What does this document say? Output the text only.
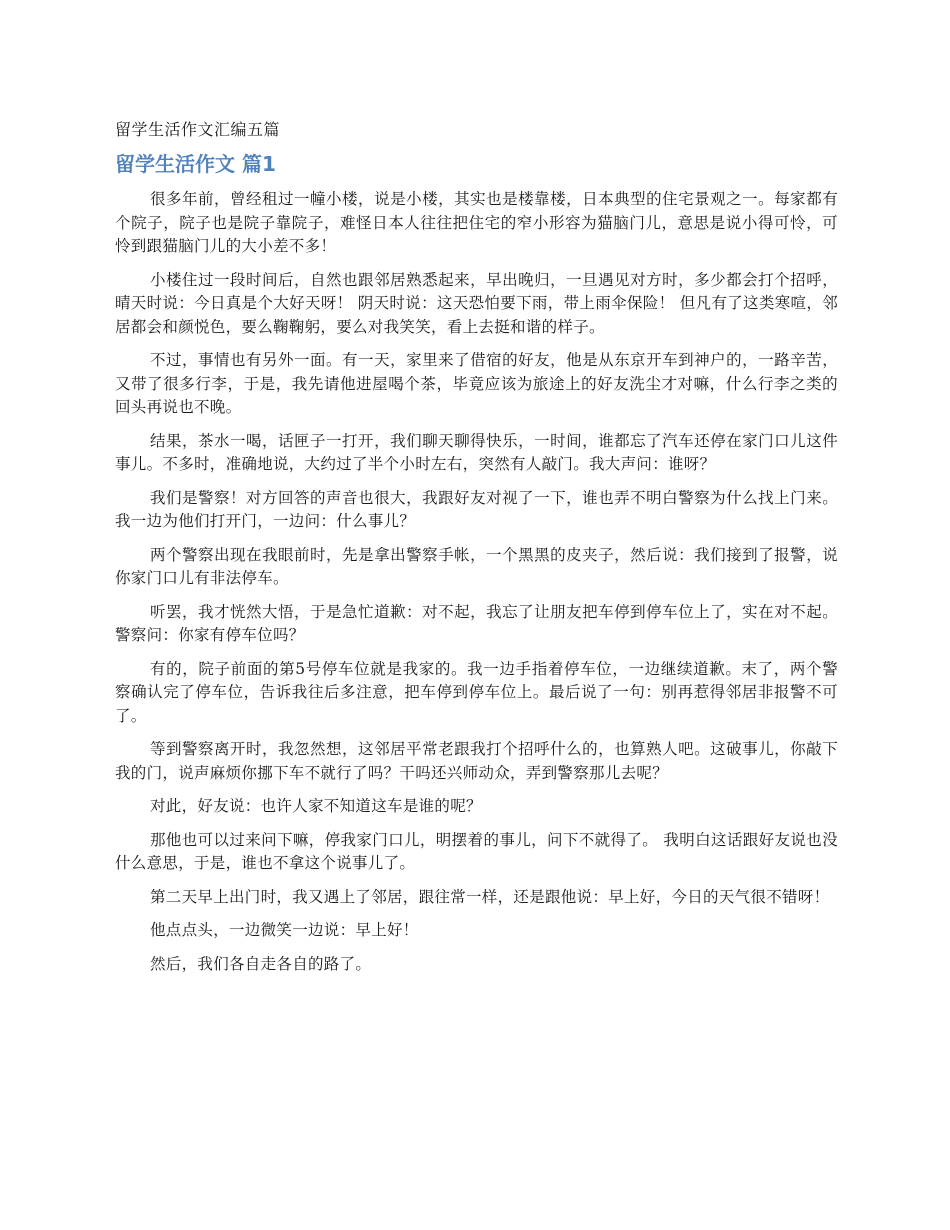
留学生活作文汇编五篇
留学生活作文 篇1

很多年前，曾经租过一幢小楼，说是小楼，其实也是楼靠楼，日本典型的住宅景观之一。每家都有个院子，院子也是院子靠院子，难怪日本人往往把住宅的窄小形容为猫脑门儿，意思是说小得可怜，可怜到跟猫脑门儿的大小差不多！

小楼住过一段时间后，自然也跟邻居熟悉起来，早出晚归，一旦遇见对方时，多少都会打个招呼，晴天时说：今日真是个大好天呀！ 阴天时说：这天恐怕要下雨，带上雨伞保险！ 但凡有了这类寒喧，邻居都会和颜悦色，要么鞠鞠躬，要么对我笑笑，看上去挺和谐的样子。

不过，事情也有另外一面。有一天，家里来了借宿的好友，他是从东京开车到神户的，一路辛苦，又带了很多行李，于是，我先请他进屋喝个茶，毕竟应该为旅途上的好友洗尘才对嘛，什么行李之类的回头再说也不晚。

结果，茶水一喝，话匣子一打开，我们聊天聊得快乐，一时间，谁都忘了汽车还停在家门口儿这件事儿。不多时，准确地说，大约过了半个小时左右，突然有人敲门。我大声问：谁呀？

我们是警察！对方回答的声音也很大，我跟好友对视了一下，谁也弄不明白警察为什么找上门来。我一边为他们打开门，一边问：什么事儿？

两个警察出现在我眼前时，先是拿出警察手帐，一个黑黑的皮夹子，然后说：我们接到了报警，说你家门口儿有非法停车。

听罢，我才恍然大悟，于是急忙道歉：对不起，我忘了让朋友把车停到停车位上了，实在对不起。 警察问：你家有停车位吗？

有的，院子前面的第5号停车位就是我家的。我一边手指着停车位，一边继续道歉。末了，两个警察确认完了停车位，告诉我往后多注意，把车停到停车位上。最后说了一句：别再惹得邻居非报警不可了。

等到警察离开时，我忽然想，这邻居平常老跟我打个招呼什么的，也算熟人吧。这破事儿，你敲下我的门，说声麻烦你挪下车不就行了吗？干吗还兴师动众，弄到警察那儿去呢？

对此，好友说：也许人家不知道这车是谁的呢？

那他也可以过来问下嘛，停我家门口儿，明摆着的事儿，问下不就得了。 我明白这话跟好友说也没什么意思，于是，谁也不拿这个说事儿了。

第二天早上出门时，我又遇上了邻居，跟往常一样，还是跟他说：早上好，今日的天气很不错呀！

他点点头，一边微笑一边说：早上好！

然后，我们各自走各自的路了。
